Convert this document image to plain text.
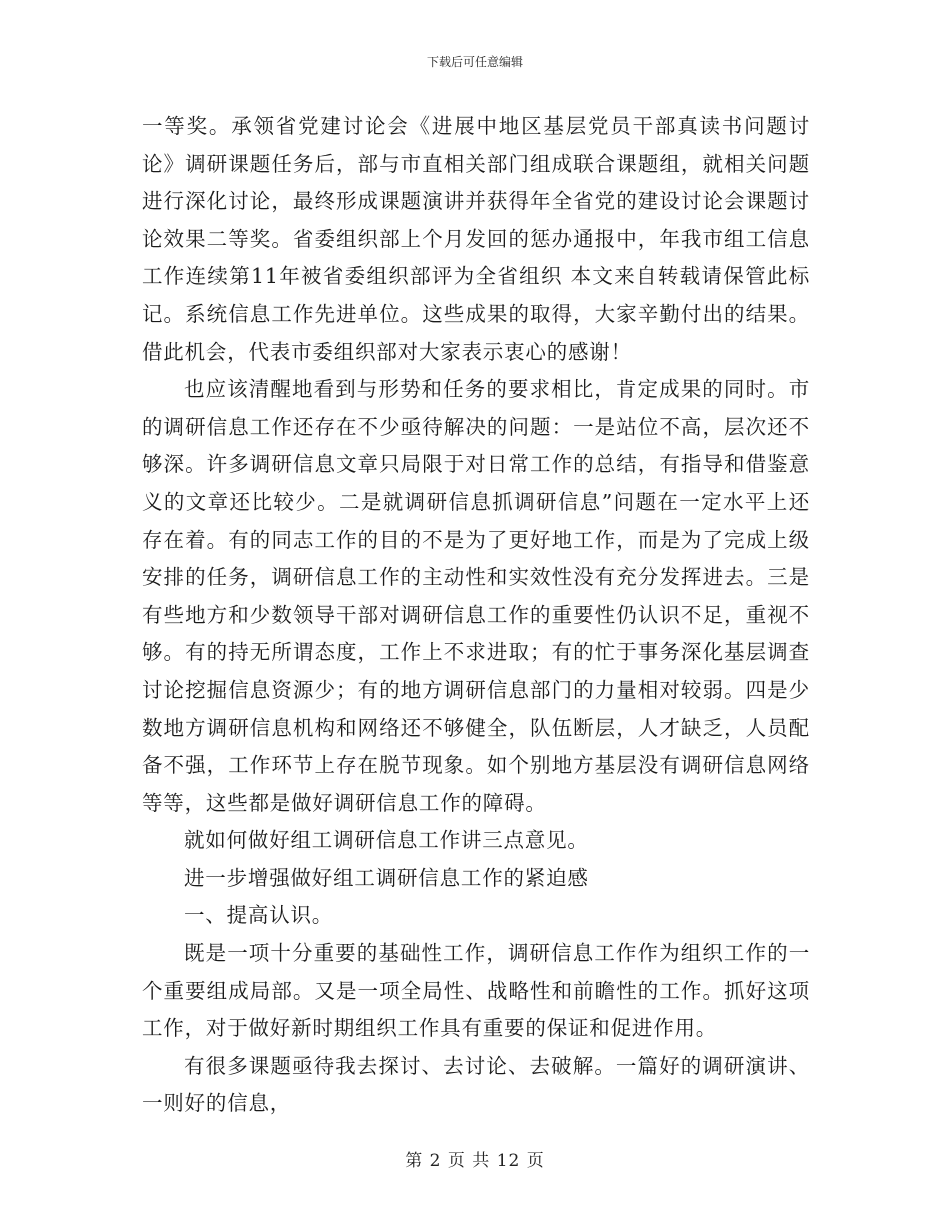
下载后可任意编辑

一等奖。承领省党建讨论会《进展中地区基层党员干部真读书问题讨论》调研课题任务后，部与市直相关部门组成联合课题组，就相关问题进行深化讨论，最终形成课题演讲并获得年全省党的建设讨论会课题讨论效果二等奖。省委组织部上个月发回的惩办通报中，年我市组工信息工作连续第11年被省委组织部评为全省组织 本文来自转载请保管此标记。系统信息工作先进单位。这些成果的取得，大家辛勤付出的结果。借此机会，代表市委组织部对大家表示衷心的感谢！

也应该清醒地看到与形势和任务的要求相比，肯定成果的同时。市的调研信息工作还存在不少亟待解决的问题：一是站位不高，层次还不够深。许多调研信息文章只局限于对日常工作的总结，有指导和借鉴意义的文章还比较少。二是就调研信息抓调研信息”问题在一定水平上还存在着。有的同志工作的目的不是为了更好地工作，而是为了完成上级安排的任务，调研信息工作的主动性和实效性没有充分发挥进去。三是有些地方和少数领导干部对调研信息工作的重要性仍认识不足，重视不够。有的持无所谓态度，工作上不求进取；有的忙于事务深化基层调查讨论挖掘信息资源少；有的地方调研信息部门的力量相对较弱。四是少数地方调研信息机构和网络还不够健全，队伍断层，人才缺乏，人员配备不强，工作环节上存在脱节现象。如个别地方基层没有调研信息网络等等，这些都是做好调研信息工作的障碍。

就如何做好组工调研信息工作讲三点意见。

进一步增强做好组工调研信息工作的紧迫感

一、提高认识。

既是一项十分重要的基础性工作，调研信息工作作为组织工作的一个重要组成局部。又是一项全局性、战略性和前瞻性的工作。抓好这项工作，对于做好新时期组织工作具有重要的保证和促进作用。

有很多课题亟待我去探讨、去讨论、去破解。一篇好的调研演讲、一则好的信息，

第 2 页 共 12 页
